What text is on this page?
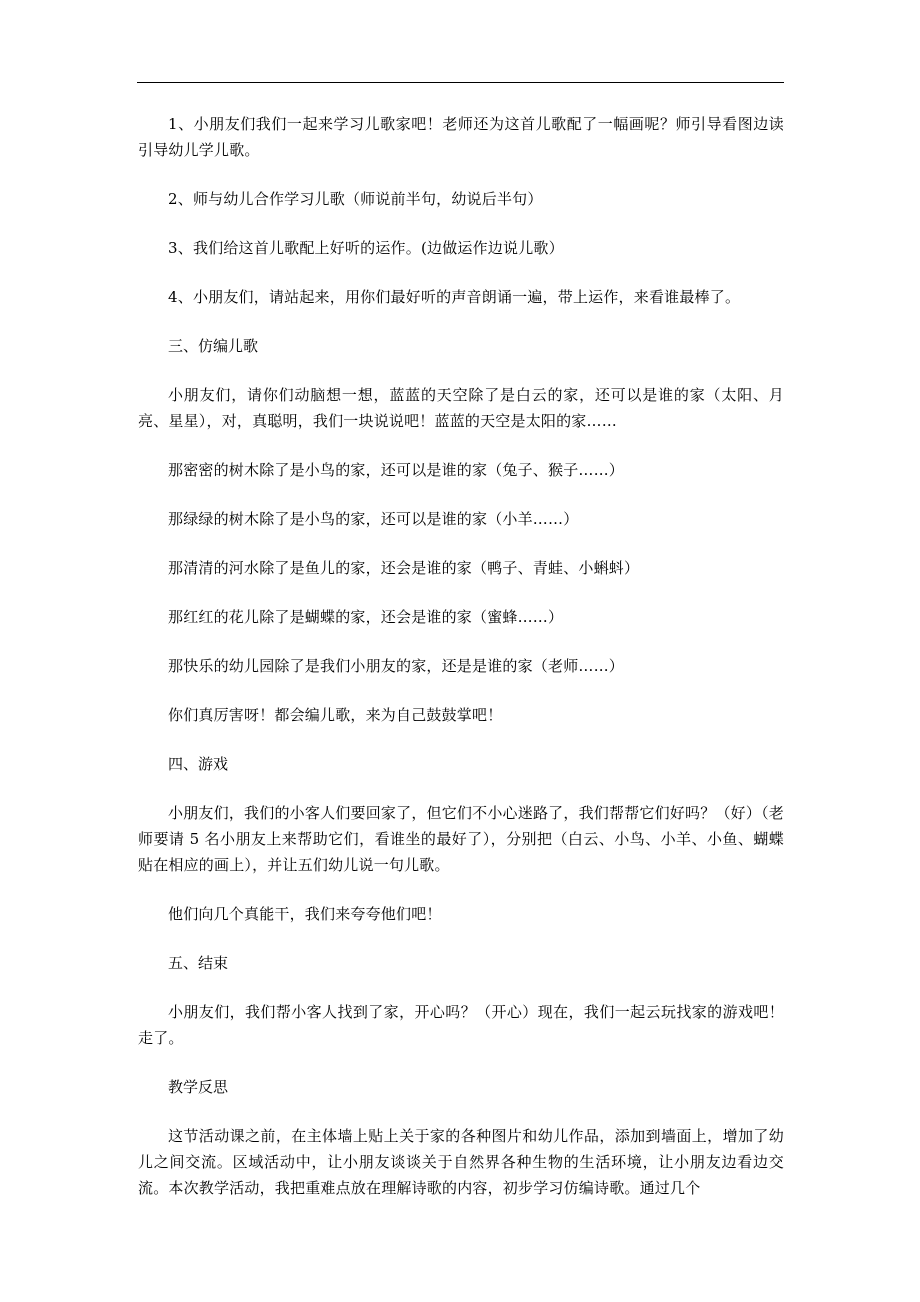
1、小朋友们我们一起来学习儿歌家吧！老师还为这首儿歌配了一幅画呢？师引导看图边读引导幼儿学儿歌。

2、师与幼儿合作学习儿歌（师说前半句，幼说后半句）

3、我们给这首儿歌配上好听的运作。(边做运作边说儿歌）

4、小朋友们，请站起来，用你们最好听的声音朗诵一遍，带上运作，来看谁最棒了。

三、仿编儿歌

小朋友们，请你们动脑想一想，蓝蓝的天空除了是白云的家，还可以是谁的家（太阳、月亮、星星），对，真聪明，我们一块说说吧！蓝蓝的天空是太阳的家……

那密密的树木除了是小鸟的家，还可以是谁的家（兔子、猴子……）

那绿绿的树木除了是小鸟的家，还可以是谁的家（小羊……）

那清清的河水除了是鱼儿的家，还会是谁的家（鸭子、青蛙、小蝌蚪）

那红红的花儿除了是蝴蝶的家，还会是谁的家（蜜蜂……）

那快乐的幼儿园除了是我们小朋友的家，还是是谁的家（老师……）

你们真厉害呀！都会编儿歌，来为自己鼓鼓掌吧！

四、游戏

小朋友们，我们的小客人们要回家了，但它们不小心迷路了，我们帮帮它们好吗？（好）（老师要请 5 名小朋友上来帮助它们，看谁坐的最好了），分别把（白云、小鸟、小羊、小鱼、蝴蝶贴在相应的画上），并让五们幼儿说一句儿歌。

他们向几个真能干，我们来夸夸他们吧！

五、结束

小朋友们，我们帮小客人找到了家，开心吗？（开心）现在，我们一起云玩找家的游戏吧！走了。

教学反思

这节活动课之前，在主体墙上贴上关于家的各种图片和幼儿作品，添加到墙面上，增加了幼儿之间交流。区域活动中，让小朋友谈谈关于自然界各种生物的生活环境，让小朋友边看边交流。本次教学活动，我把重难点放在理解诗歌的内容，初步学习仿编诗歌。通过几个
